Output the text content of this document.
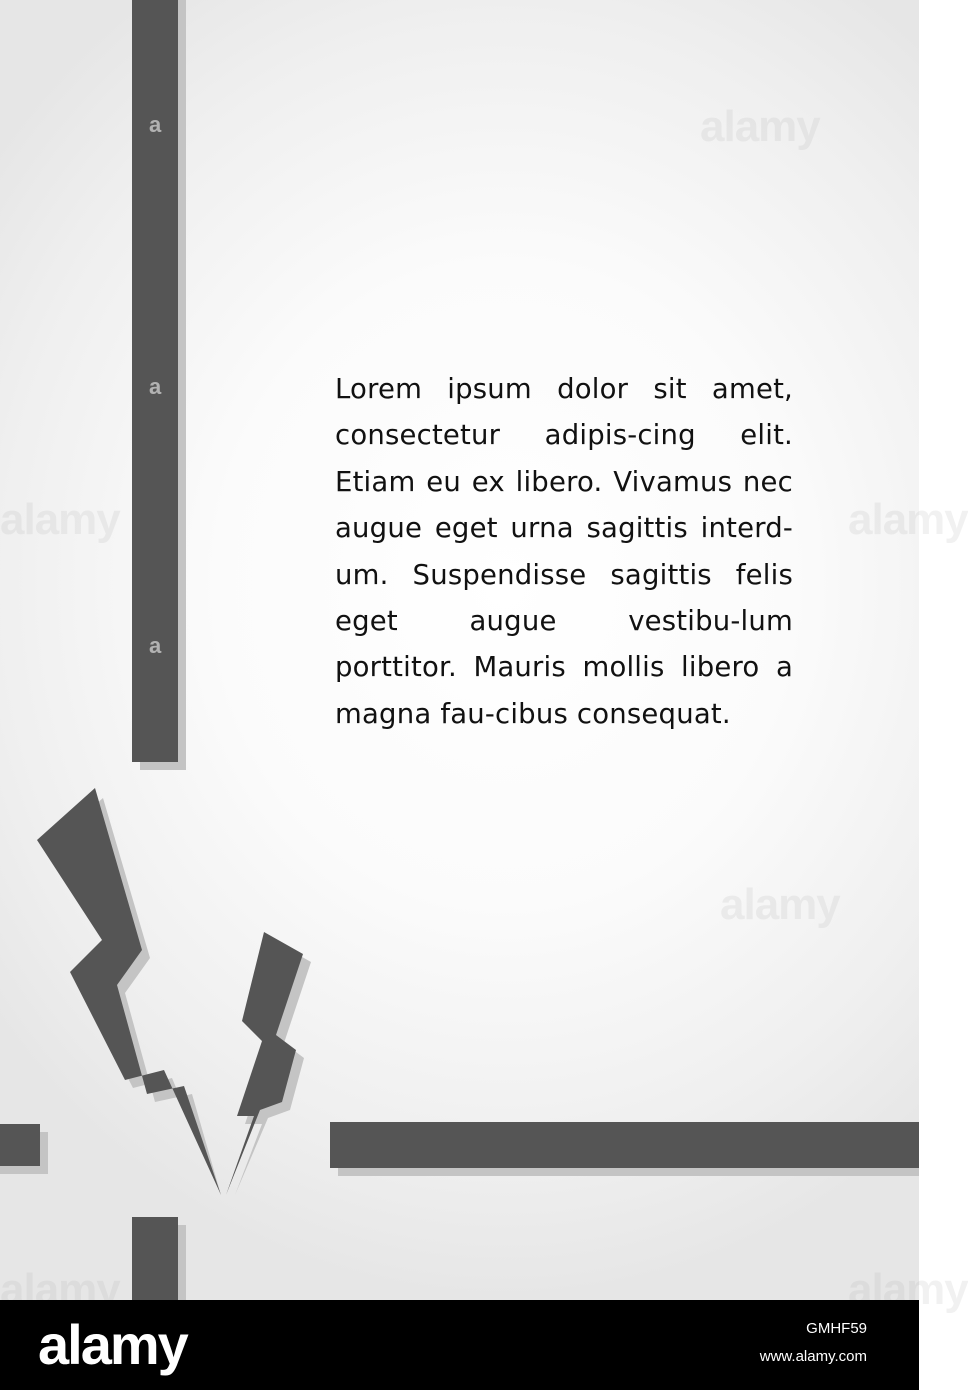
alamy
alamy	alamy
alamy
alamy	alamy
a
a
a

Lorem ipsum dolor sit amet, consectetur adipis-cing elit. Etiam eu ex libero. Vivamus nec augue eget urna sagittis interd-um. Suspendisse sagittis felis eget augue vestibu-lum porttitor. Mauris mollis libero a magna fau-cibus consequat.

alamy	GMHF59
www.alamy.com
